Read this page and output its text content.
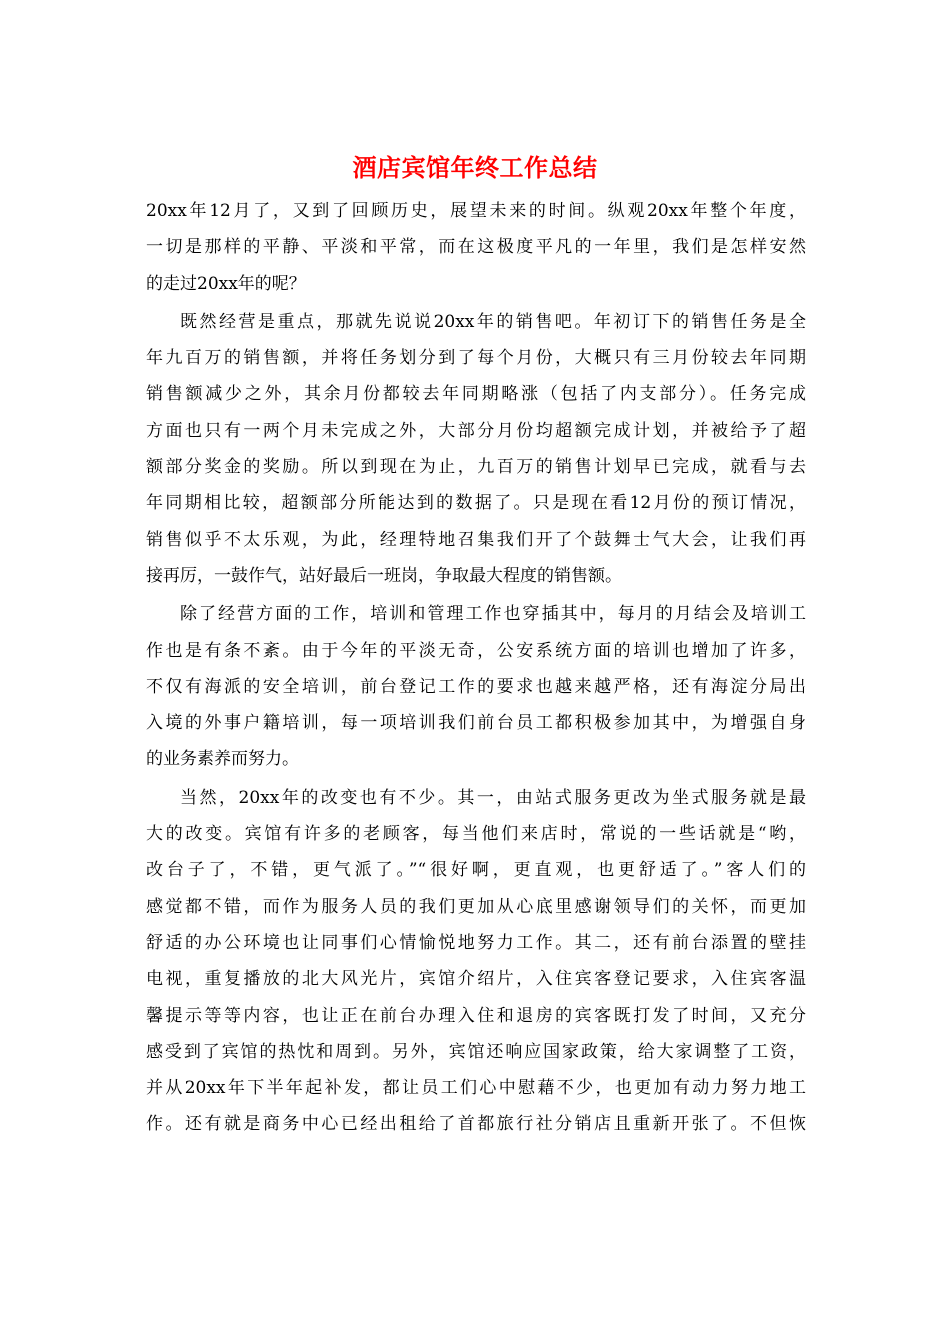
酒店宾馆年终工作总结
20xx年12月了，又到了回顾历史，展望未来的时间。纵观20xx年整个年度，
一切是那样的平静、平淡和平常，而在这极度平凡的一年里，我们是怎样安然
的走过20xx年的呢？
既然经营是重点，那就先说说20xx年的销售吧。年初订下的销售任务是全
年九百万的销售额，并将任务划分到了每个月份，大概只有三月份较去年同期
销售额减少之外，其余月份都较去年同期略涨（包括了内支部分）。任务完成
方面也只有一两个月未完成之外，大部分月份均超额完成计划，并被给予了超
额部分奖金的奖励。所以到现在为止，九百万的销售计划早已完成，就看与去
年同期相比较，超额部分所能达到的数据了。只是现在看12月份的预订情况，
销售似乎不太乐观，为此，经理特地召集我们开了个鼓舞士气大会，让我们再
接再厉，一鼓作气，站好最后一班岗，争取最大程度的销售额。
除了经营方面的工作，培训和管理工作也穿插其中，每月的月结会及培训工
作也是有条不紊。由于今年的平淡无奇，公安系统方面的培训也增加了许多，
不仅有海派的安全培训，前台登记工作的要求也越来越严格，还有海淀分局出
入境的外事户籍培训，每一项培训我们前台员工都积极参加其中，为增强自身
的业务素养而努力。
当然，20xx年的改变也有不少。其一，由站式服务更改为坐式服务就是最
大的改变。宾馆有许多的老顾客，每当他们来店时，常说的一些话就是“哟，
改台子了，不错，更气派了。”“很好啊，更直观，也更舒适了。”客人们的
感觉都不错，而作为服务人员的我们更加从心底里感谢领导们的关怀，而更加
舒适的办公环境也让同事们心情愉悦地努力工作。其二，还有前台添置的壁挂
电视，重复播放的北大风光片，宾馆介绍片，入住宾客登记要求，入住宾客温
馨提示等等内容，也让正在前台办理入住和退房的宾客既打发了时间，又充分
感受到了宾馆的热忱和周到。另外，宾馆还响应国家政策，给大家调整了工资，
并从20xx年下半年起补发，都让员工们心中慰藉不少，也更加有动力努力地工
作。还有就是商务中心已经出租给了首都旅行社分销店且重新开张了。不但恢
